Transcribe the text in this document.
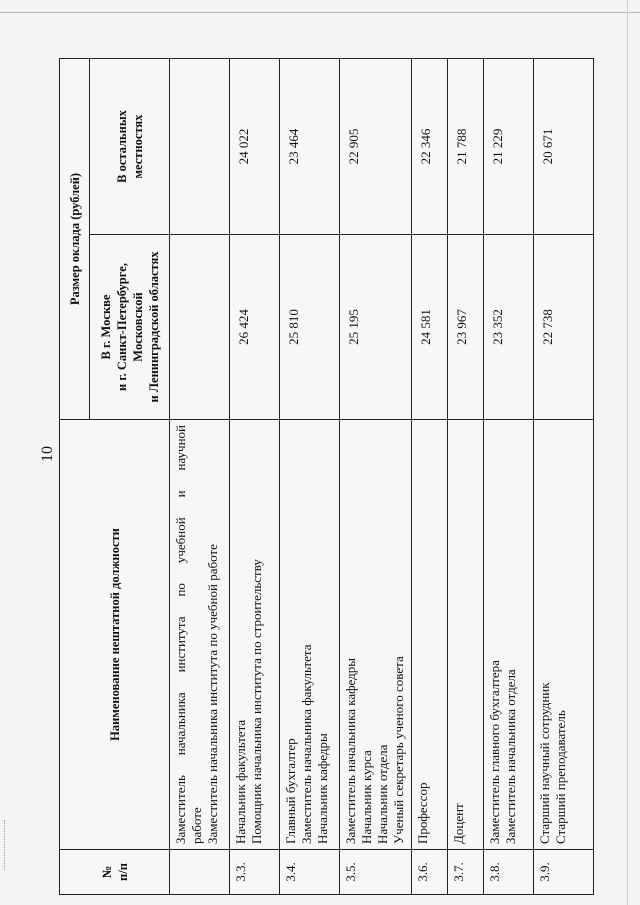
10
№
п/п	Наименование нештатной должности	Размер оклада (рублей)	
		В г. Москве
и г. Санкт-Петербурге,
Московской
и Ленинградской областях	В остальных
местностях

	Заместитель начальника института по учебной и научной работе Заместитель начальника института по учебной работе		

3.3.	Начальник факультета Помощник начальника института по строительству	26 424	24 022
3.4.	Главный бухгалтер Заместитель начальника факультета Начальник кафедры	25 810	23 464
3.5.	Заместитель начальника кафедры Начальник курса Начальник отдела Ученый секретарь ученого совета	25 195	22 905
3.6.	Профессор	24 581	22 346
3.7.	Доцент	23 967	21 788
3.8.	Заместитель главного бухгалтера Заместитель начальника отдела	23 352	21 229
3.9.	Старший научный сотрудник Старший преподаватель	22 738	20 671
